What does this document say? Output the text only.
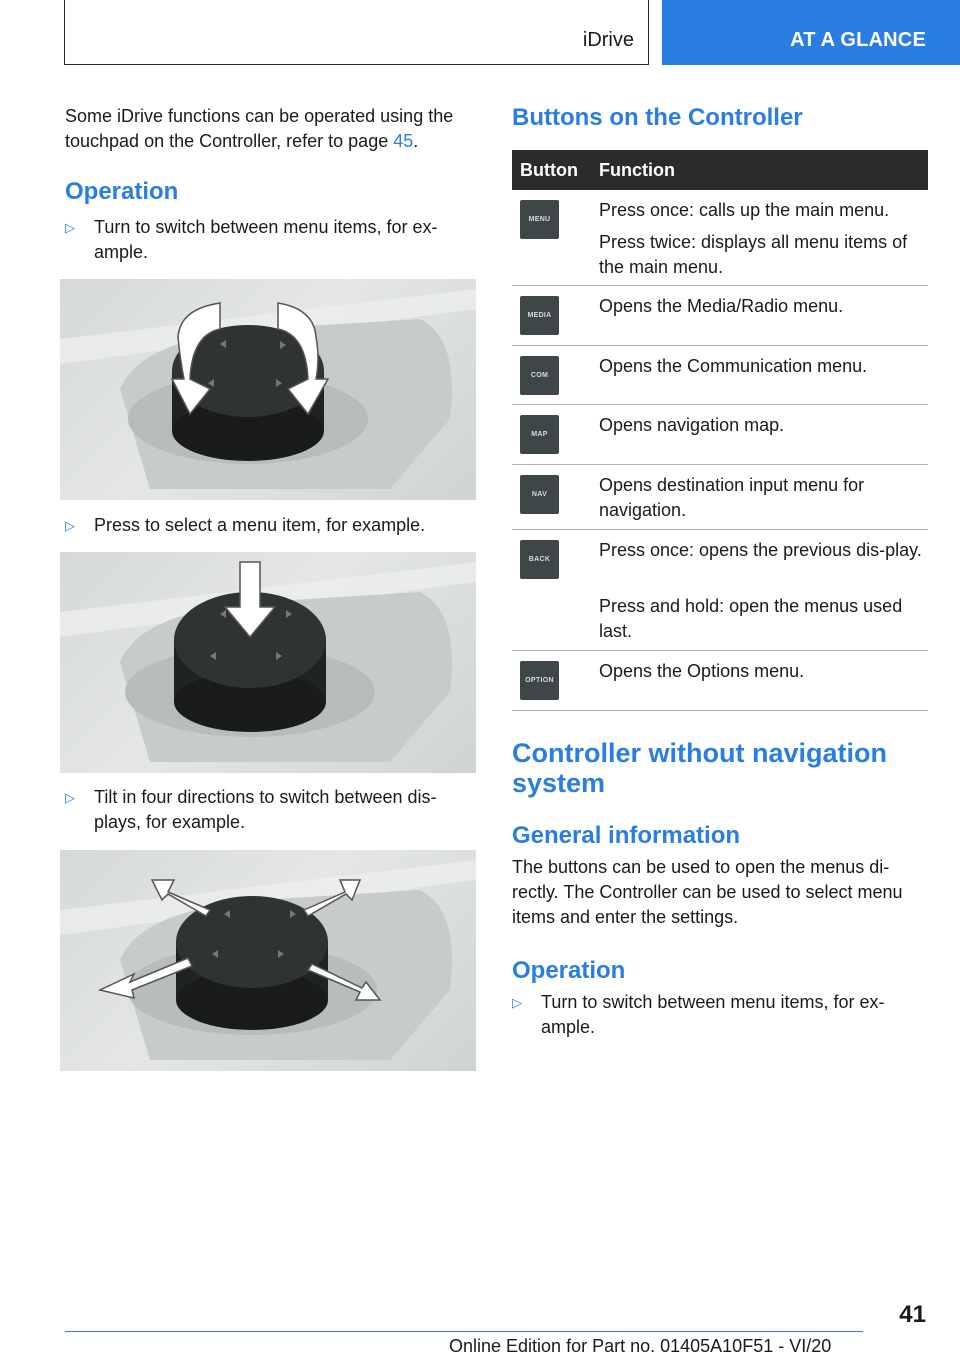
iDrive	AT A GLANCE

Some iDrive functions can be operated using the touchpad on the Controller, refer to page 45.

Operation
▷ Turn to switch between menu items, for ex-ample.
▷ Press to select a menu item, for example.
▷ Tilt in four directions to switch between dis-plays, for example.
Buttons on the Controller
Button Function
MENU	Press once: calls up the main menu.
Press twice: displays all menu items of the main menu.
MEDIA	Opens the Media/Radio menu.
COM	Opens the Communication menu.
MAP	Opens navigation map.
NAV	Opens destination input menu for navigation.
BACK	Press once: opens the previous dis-play.
Press and hold: open the menus used last.
OPTION	Opens the Options menu.
Controller without navigation system
General information

The buttons can be used to open the menus di-rectly. The Controller can be used to select menu items and enter the settings.

Operation
▷ Turn to switch between menu items, for ex-ample.
41
Online Edition for Part no. 01405A10F51 - VI/20
